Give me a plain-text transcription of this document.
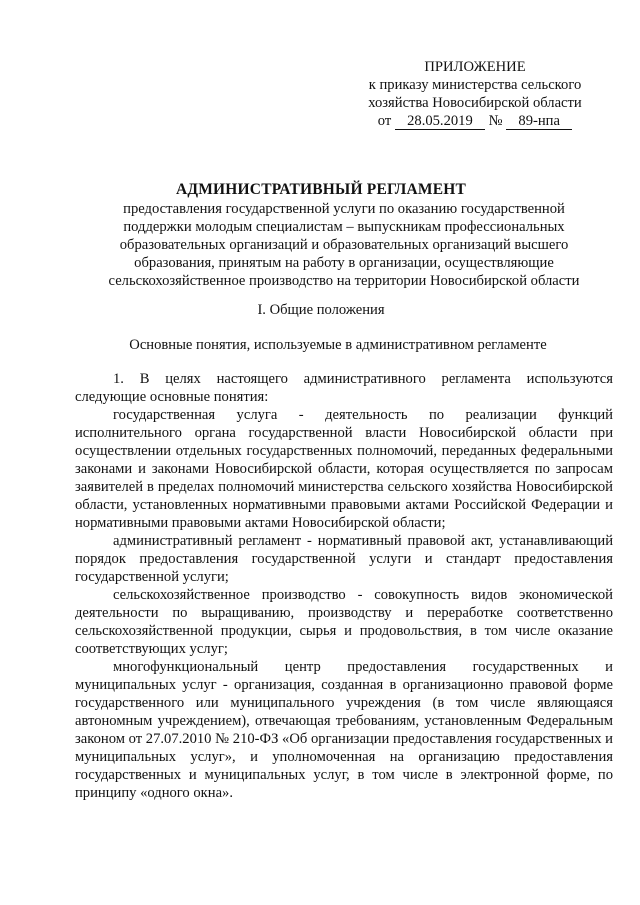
ПРИЛОЖЕНИЕ
к приказу министерства сельского
хозяйства Новосибирской области
от 28.05.2019 № 89-нпа
АДМИНИСТРАТИВНЫЙ РЕГЛАМЕНТ
предоставления государственной услуги по оказанию государственной поддержки молодым специалистам – выпускникам профессиональных образовательных организаций и образовательных организаций высшего образования, принятым на работу в организации, осуществляющие сельскохозяйственное производство на территории Новосибирской области
I. Общие положения
Основные понятия, используемые в административном регламенте

1. В целях настоящего административного регламента используются следующие основные понятия:

государственная услуга - деятельность по реализации функций исполнительного органа государственной власти Новосибирской области при осуществлении отдельных государственных полномочий, переданных федеральными законами и законами Новосибирской области, которая осуществляется по запросам заявителей в пределах полномочий министерства сельского хозяйства Новосибирской области, установленных нормативными правовыми актами Российской Федерации и нормативными правовыми актами Новосибирской области;

административный регламент - нормативный правовой акт, устанавливающий порядок предоставления государственной услуги и стандарт предоставления государственной услуги;

сельскохозяйственное производство - совокупность видов экономической деятельности по выращиванию, производству и переработке соответственно сельскохозяйственной продукции, сырья и продовольствия, в том числе оказание соответствующих услуг;

многофункциональный центр предоставления государственных и муниципальных услуг - организация, созданная в организационно правовой форме государственного или муниципального учреждения (в том числе являющаяся автономным учреждением), отвечающая требованиям, установленным Федеральным законом от 27.07.2010 № 210-ФЗ «Об организации предоставления государственных и муниципальных услуг», и уполномоченная на организацию предоставления государственных и муниципальных услуг, в том числе в электронной форме, по принципу «одного окна».
